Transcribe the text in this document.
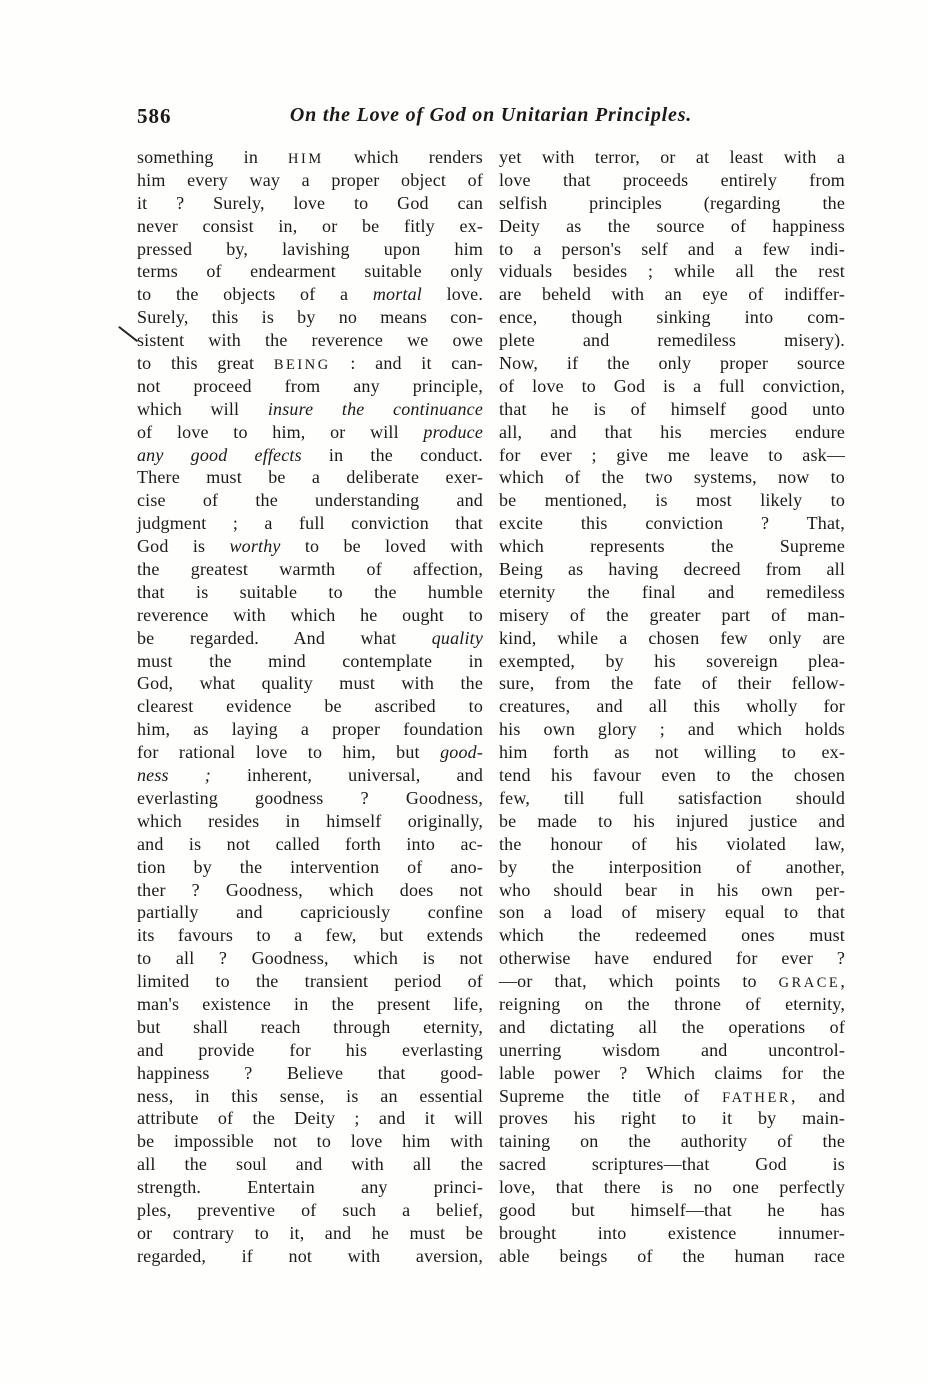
586	On the Love of God on Unitarian Principles.
something in HIM which renders
him every way a proper object of
it ? Surely, love to God can
never consist in, or be fitly ex-
pressed by, lavishing upon him
terms of endearment suitable only
to the objects of a mortal love.
Surely, this is by no means con-
sistent with the reverence we owe
to this great BEING : and it can-
not proceed from any principle,
which will insure the continuance
of love to him, or will produce
any good effects in the conduct.
There must be a deliberate exer-
cise of the understanding and
judgment ; a full conviction that
God is worthy to be loved with
the greatest warmth of affection,
that is suitable to the humble
reverence with which he ought to
be regarded. And what quality
must the mind contemplate in
God, what quality must with the
clearest evidence be ascribed to
him, as laying a proper foundation
for rational love to him, but good-
ness ; inherent, universal, and
everlasting goodness ? Goodness,
which resides in himself originally,
and is not called forth into ac-
tion by the intervention of ano-
ther ? Goodness, which does not
partially and capriciously confine
its favours to a few, but extends
to all ? Goodness, which is not
limited to the transient period of
man's existence in the present life,
but shall reach through eternity,
and provide for his everlasting
happiness ? Believe that good-
ness, in this sense, is an essential
attribute of the Deity ; and it will
be impossible not to love him with
all the soul and with all the
strength. Entertain any princi-
ples, preventive of such a belief,
or contrary to it, and he must be
regarded, if not with aversion,
yet with terror, or at least with a
love that proceeds entirely from
selfish principles (regarding the
Deity as the source of happiness
to a person's self and a few indi-
viduals besides ; while all the rest
are beheld with an eye of indiffer-
ence, though sinking into com-
plete and remediless misery).
Now, if the only proper source
of love to God is a full conviction,
that he is of himself good unto
all, and that his mercies endure
for ever ; give me leave to ask—
which of the two systems, now to
be mentioned, is most likely to
excite this conviction ? That,
which represents the Supreme
Being as having decreed from all
eternity the final and remediless
misery of the greater part of man-
kind, while a chosen few only are
exempted, by his sovereign plea-
sure, from the fate of their fellow-
creatures, and all this wholly for
his own glory ; and which holds
him forth as not willing to ex-
tend his favour even to the chosen
few, till full satisfaction should
be made to his injured justice and
the honour of his violated law,
by the interposition of another,
who should bear in his own per-
son a load of misery equal to that
which the redeemed ones must
otherwise have endured for ever ?
—or that, which points to GRACE,
reigning on the throne of eternity,
and dictating all the operations of
unerring wisdom and uncontrol-
lable power ? Which claims for the
Supreme the title of FATHER, and
proves his right to it by main-
taining on the authority of the
sacred scriptures—that God is
love, that there is no one perfectly
good but himself—that he has
brought into existence innumer-
able beings of the human race
